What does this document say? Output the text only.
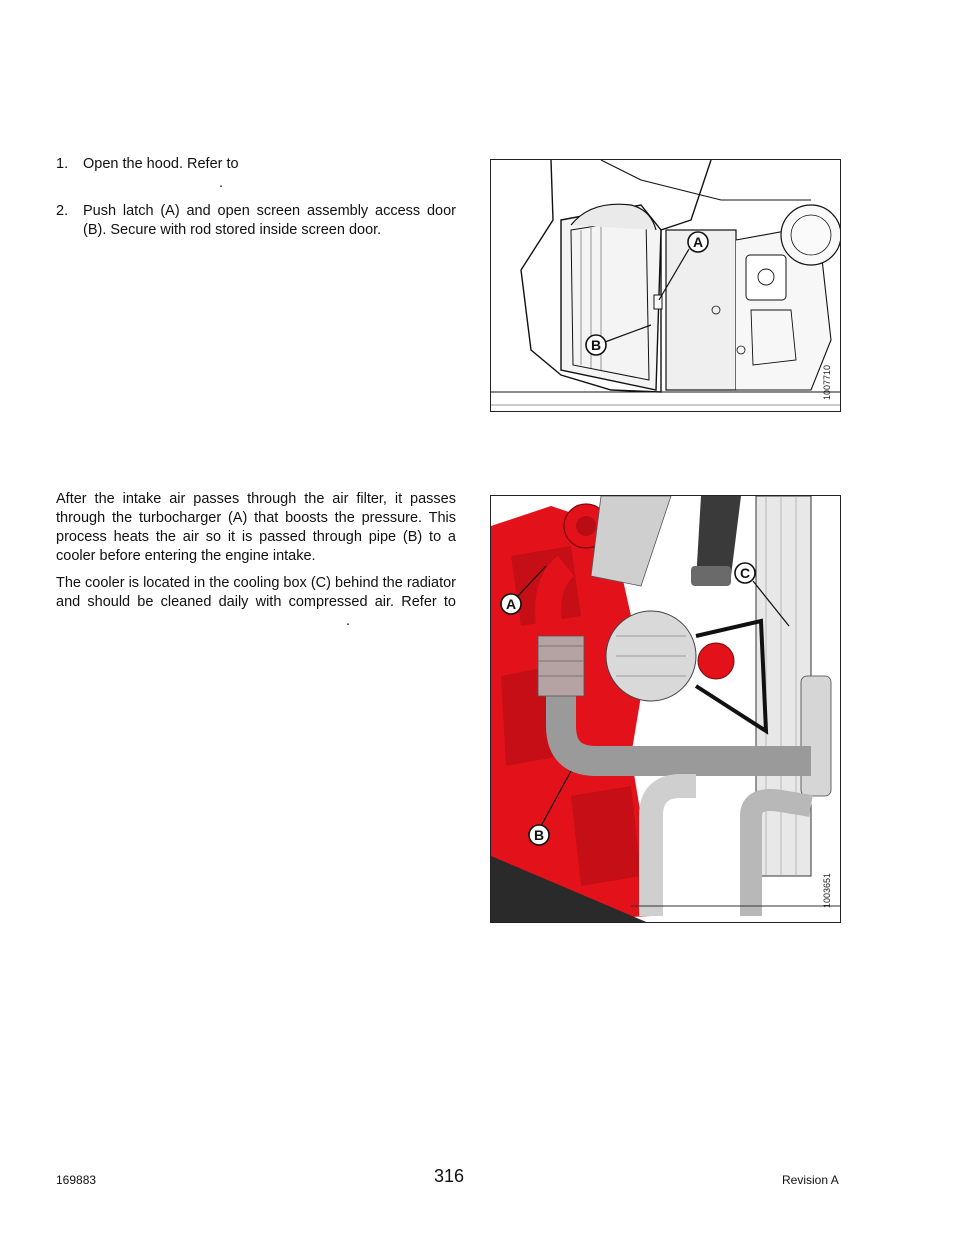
1. Open the hood. Refer to
.
2. Push latch (A) and open screen assembly access door (B). Secure with rod stored inside screen door.
A
B
1007710
After the intake air passes through the air filter, it passes through the turbocharger (A) that boosts the pressure. This process heats the air so it is passed through pipe (B) to a cooler before entering the engine intake.
The cooler is located in the cooling box (C) behind the radiator and should be cleaned daily with compressed air. Refer to .
A
B
C
1003651
169883	316	Revision A
